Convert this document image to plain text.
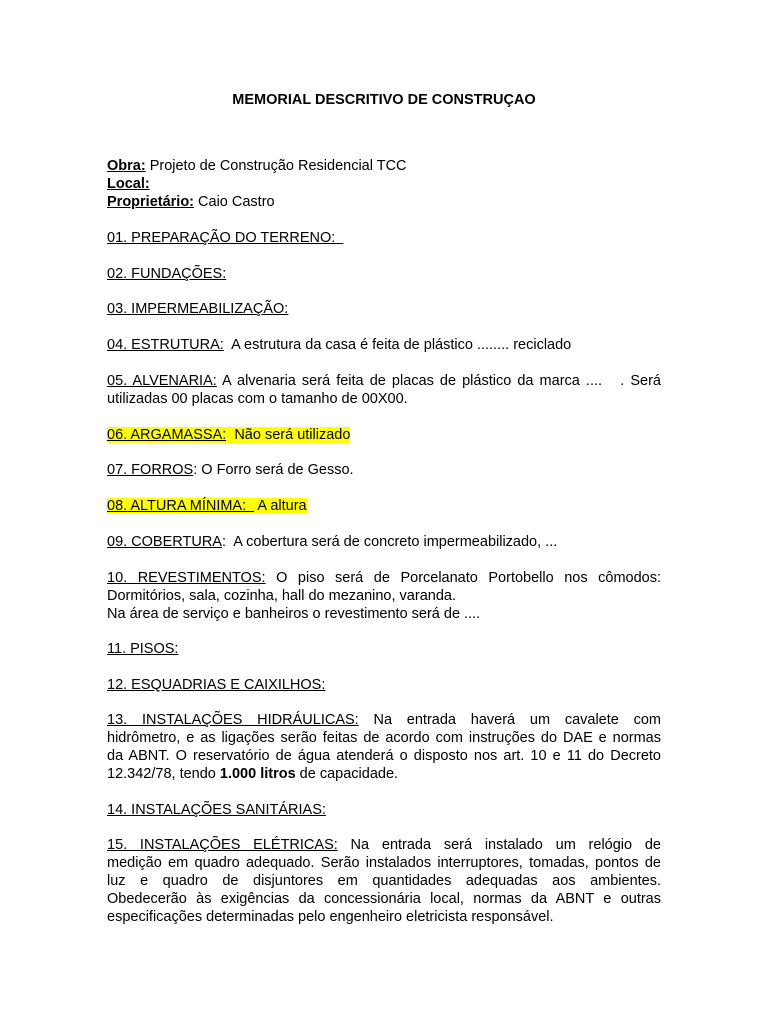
MEMORIAL DESCRITIVO DE CONSTRUÇAO
Obra: Projeto de Construção Residencial TCC
Local:
Proprietário: Caio Castro
01. PREPARAÇÃO DO TERRENO:
02. FUNDAÇÕES:
03. IMPERMEABILIZAÇÃO:
04. ESTRUTURA:  A estrutura da casa é feita de plástico ........ reciclado
05. ALVENARIA: A alvenaria será feita de placas de plástico da marca ....   . Será
utilizadas 00 placas com o tamanho de 00X00.
06. ARGAMASSA:  Não será utilizado
07. FORROS: O Forro será de Gesso.
08. ALTURA MÍNIMA:   A altura
09. COBERTURA:  A cobertura será de concreto impermeabilizado, ...
10. REVESTIMENTOS: O piso será de Porcelanato Portobello nos cômodos:
Dormitórios, sala, cozinha, hall do mezanino, varanda.
Na área de serviço e banheiros o revestimento será de ....
11. PISOS:
12. ESQUADRIAS E CAIXILHOS:
13. INSTALAÇÕES HIDRÁULICAS: Na entrada haverá um cavalete com
hidrômetro, e as ligações serão feitas de acordo com instruções do DAE e normas
da ABNT. O reservatório de água atenderá o disposto nos art. 10 e 11 do Decreto
12.342/78, tendo 1.000 litros de capacidade.
14. INSTALAÇÕES SANITÁRIAS:
15. INSTALAÇÕES ELÉTRICAS: Na entrada será instalado um relógio de
medição em quadro adequado. Serão instalados interruptores, tomadas, pontos de
luz e quadro de disjuntores em quantidades adequadas aos ambientes.
Obedecerão às exigências da concessionária local, normas da ABNT e outras
especificações determinadas pelo engenheiro eletricista responsável.
